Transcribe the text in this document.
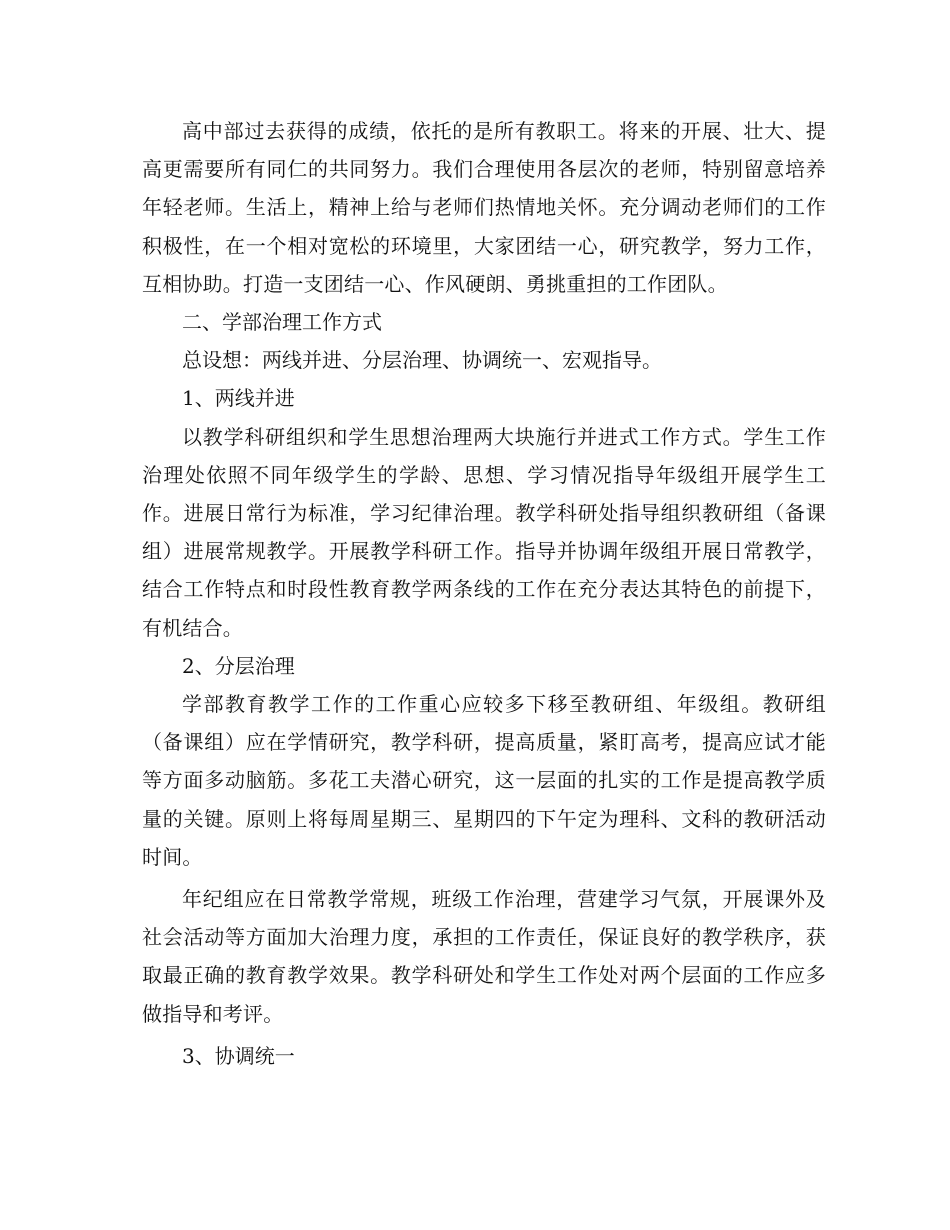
高中部过去获得的成绩，依托的是所有教职工。将来的开展、壮大、提高更需要所有同仁的共同努力。我们合理使用各层次的老师，特别留意培养年轻老师。生活上，精神上给与老师们热情地关怀。充分调动老师们的工作积极性，在一个相对宽松的环境里，大家团结一心，研究教学，努力工作，互相协助。打造一支团结一心、作风硬朗、勇挑重担的工作团队。

二、学部治理工作方式

总设想：两线并进、分层治理、协调统一、宏观指导。

1、两线并进

以教学科研组织和学生思想治理两大块施行并进式工作方式。学生工作治理处依照不同年级学生的学龄、思想、学习情况指导年级组开展学生工作。进展日常行为标准，学习纪律治理。教学科研处指导组织教研组（备课组）进展常规教学。开展教学科研工作。指导并协调年级组开展日常教学，结合工作特点和时段性教育教学两条线的工作在充分表达其特色的前提下，有机结合。

2、分层治理

学部教育教学工作的工作重心应较多下移至教研组、年级组。教研组（备课组）应在学情研究，教学科研，提高质量，紧盯高考，提高应试才能等方面多动脑筋。多花工夫潜心研究，这一层面的扎实的工作是提高教学质量的关键。原则上将每周星期三、星期四的下午定为理科、文科的教研活动时间。

年纪组应在日常教学常规，班级工作治理，营建学习气氛，开展课外及社会活动等方面加大治理力度，承担的工作责任，保证良好的教学秩序，获取最正确的教育教学效果。教学科研处和学生工作处对两个层面的工作应多做指导和考评。

3、协调统一
